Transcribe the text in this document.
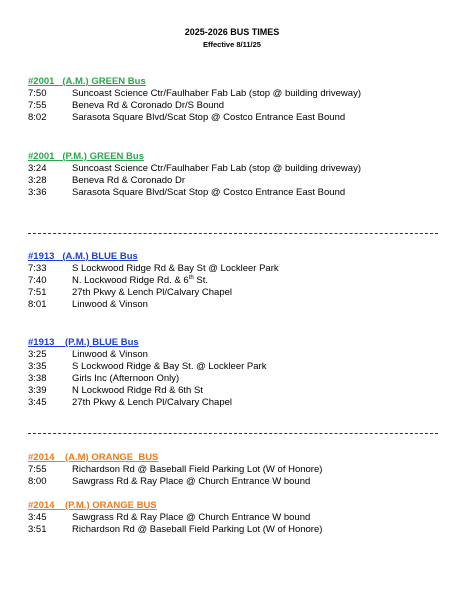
2025-2026 BUS TIMES
Effective 8/11/25
#2001   (A.M.) GREEN Bus
7:50	Suncoast Science Ctr/Faulhaber Fab Lab (stop @ building driveway)
7:55	Beneva Rd & Coronado Dr/S Bound
8:02	Sarasota Square Blvd/Scat Stop @ Costco Entrance East Bound
#2001   (P.M.) GREEN Bus
3:24	Suncoast Science Ctr/Faulhaber Fab Lab (stop @ building driveway)
3:28	Beneva Rd & Coronado Dr
3:36	Sarasota Square Blvd/Scat Stop @ Costco Entrance East Bound
#1913   (A.M.) BLUE Bus
7:33	S Lockwood Ridge Rd & Bay St @ Lockleer Park
7:40	N. Lockwood Ridge Rd. & 6th St.
7:51	27th Pkwy & Lench Pl/Calvary Chapel
8:01	Linwood & Vinson
#1913    (P.M.) BLUE Bus
3:25	Linwood & Vinson
3:35	S Lockwood Ridge & Bay St. @ Lockleer Park
3:38	Girls Inc (Afternoon Only)
3:39	N Lockwood Ridge Rd & 6th St
3:45	27th Pkwy & Lench Pl/Calvary Chapel
#2014    (A.M) ORANGE  BUS
7:55	Richardson Rd @ Baseball Field Parking Lot (W of Honore)
8:00	Sawgrass Rd & Ray Place @ Church Entrance W bound
#2014    (P.M.) ORANGE BUS
3:45	Sawgrass Rd & Ray Place @ Church Entrance W bound
3:51	Richardson Rd @ Baseball Field Parking Lot (W of Honore)
